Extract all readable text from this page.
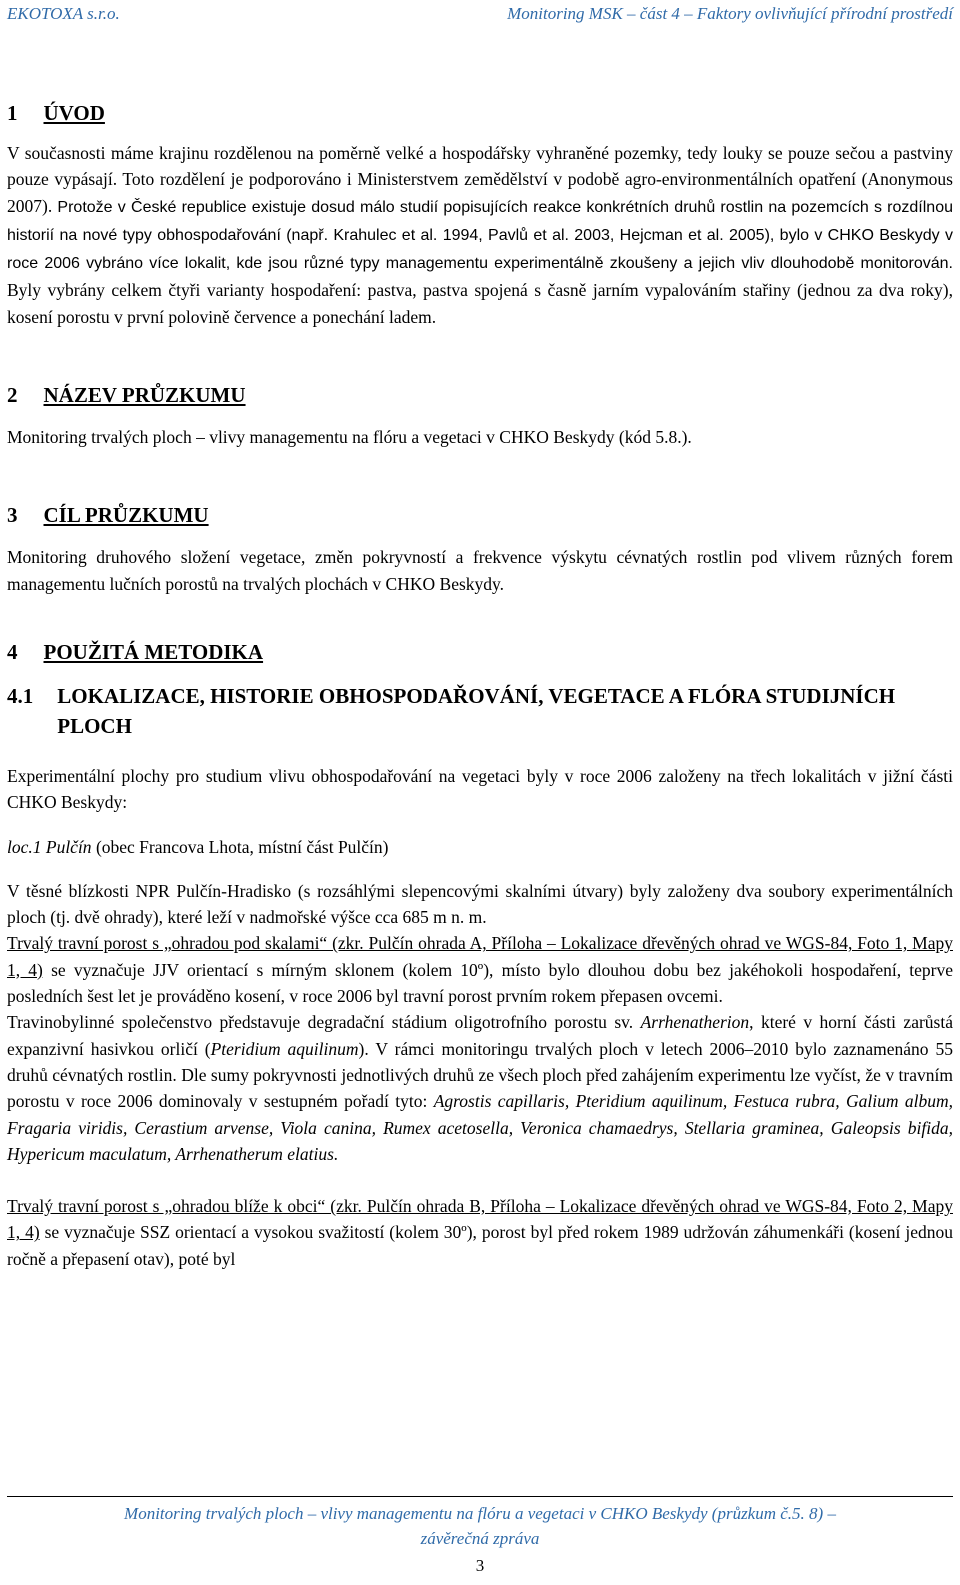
EKOTOXA s.r.o.	Monitoring MSK – část 4 – Faktory ovlivňující přírodní prostředí
1 ÚVOD

V současnosti máme krajinu rozdělenou na poměrně velké a hospodářsky vyhraněné pozemky, tedy louky se pouze sečou a pastviny pouze vypásají. Toto rozdělení je podporováno i Ministerstvem zemědělství v podobě agro-environmentálních opatření (Anonymous 2007). Protože v České republice existuje dosud málo studií popisujících reakce konkrétních druhů rostlin na pozemcích s rozdílnou historií na nové typy obhospodařování (např. Krahulec et al. 1994, Pavlů et al. 2003, Hejcman et al. 2005), bylo v CHKO Beskydy v roce 2006 vybráno více lokalit, kde jsou různé typy managementu experimentálně zkoušeny a jejich vliv dlouhodobě monitorován. Byly vybrány celkem čtyři varianty hospodaření: pastva, pastva spojená s časně jarním vypalováním stařiny (jednou za dva roky), kosení porostu v první polovině července a ponechání ladem.

2 NÁZEV PRŮZKUMU

Monitoring trvalých ploch – vlivy managementu na flóru a vegetaci v CHKO Beskydy (kód 5.8.).

3 CÍL PRŮZKUMU

Monitoring druhového složení vegetace, změn pokryvností a frekvence výskytu cévnatých rostlin pod vlivem různých forem managementu lučních porostů na trvalých plochách v CHKO Beskydy.

4 POUŽITÁ METODIKA
4.1 LOKALIZACE, HISTORIE OBHOSPODAŘOVÁNÍ, VEGETACE A FLÓRA STUDIJNÍCH PLOCH

Experimentální plochy pro studium vlivu obhospodařování na vegetaci byly v roce 2006 založeny na třech lokalitách v jižní části CHKO Beskydy:

loc.1 Pulčín (obec Francova Lhota, místní část Pulčín)

V těsné blízkosti NPR Pulčín-Hradisko (s rozsáhlými slepencovými skalními útvary) byly založeny dva soubory experimentálních ploch (tj. dvě ohrady), které leží v nadmořské výšce cca 685 m n. m.

Trvalý travní porost s „ohradou pod skalami“ (zkr. Pulčín ohrada A, Příloha – Lokalizace dřevěných ohrad ve WGS-84, Foto 1, Mapy 1, 4) se vyznačuje JJV orientací s mírným sklonem (kolem 10º), místo bylo dlouhou dobu bez jakéhokoli hospodaření, teprve posledních šest let je prováděno kosení, v roce 2006 byl travní porost prvním rokem přepasen ovcemi.

Travinobylinné společenstvo představuje degradační stádium oligotrofního porostu sv. Arrhenatherion, které v horní části zarůstá expanzivní hasivkou orličí (Pteridium aquilinum). V rámci monitoringu trvalých ploch v letech 2006–2010 bylo zaznamenáno 55 druhů cévnatých rostlin. Dle sumy pokryvnosti jednotlivých druhů ze všech ploch před zahájením experimentu lze vyčíst, že v travním porostu v roce 2006 dominovaly v sestupném pořadí tyto: Agrostis capillaris, Pteridium aquilinum, Festuca rubra, Galium album, Fragaria viridis, Cerastium arvense, Viola canina, Rumex acetosella, Veronica chamaedrys, Stellaria graminea, Galeopsis bifida, Hypericum maculatum, Arrhenatherum elatius.

Trvalý travní porost s „ohradou blíže k obci“ (zkr. Pulčín ohrada B, Příloha – Lokalizace dřevěných ohrad ve WGS-84, Foto 2, Mapy 1, 4) se vyznačuje SSZ orientací a vysokou svažitostí (kolem 30º), porost byl před rokem 1989 udržován záhumenkáři (kosení jednou ročně a přepasení otav), poté byl

Monitoring trvalých ploch – vlivy managementu na flóru a vegetaci v CHKO Beskydy (průzkum č.5. 8) –
závěrečná zpráva
3
